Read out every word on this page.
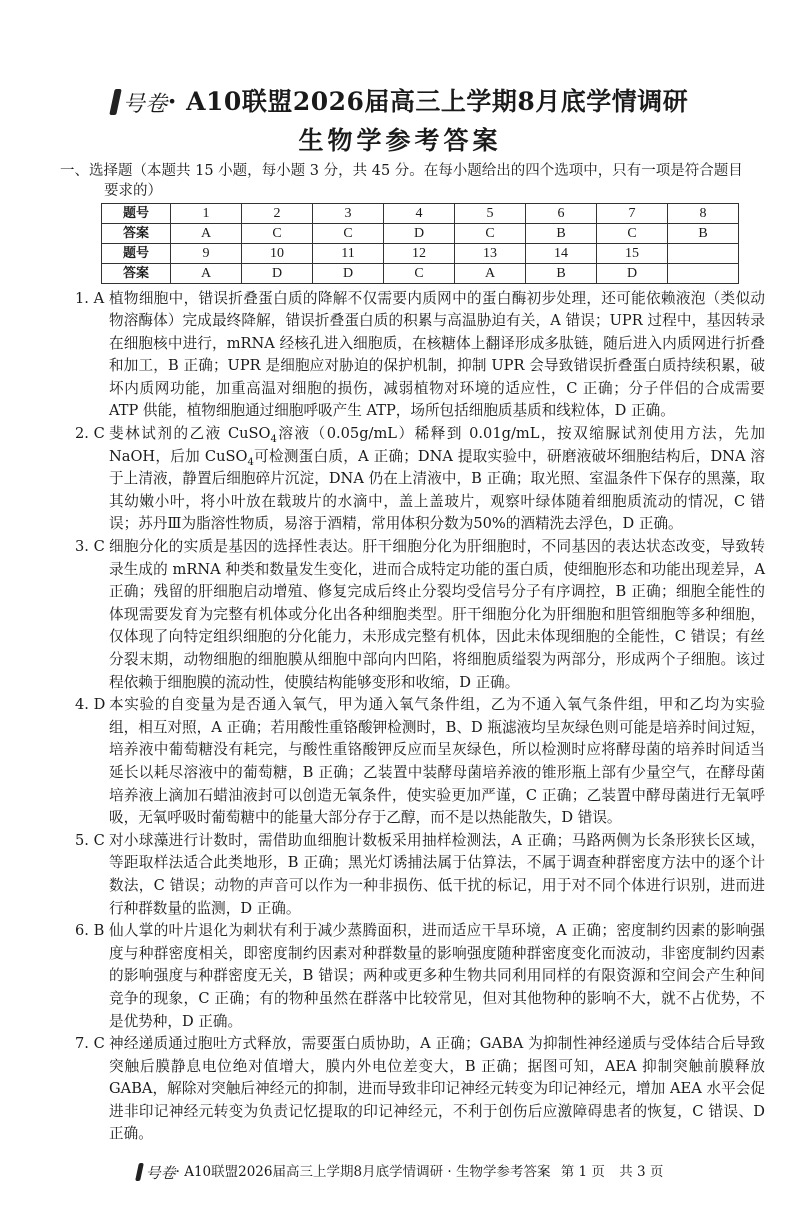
号卷· A10联盟2026届高三上学期8月底学情调研
生物学参考答案
一、选择题（本题共 15 小题，每小题 3 分，共 45 分。在每小题给出的四个选项中，只有一项是符合题目
要求的）
题号	1	2	3	4	5	6	7	8
答案	A	C	C	D	C	B	C	B
题号	9	10	11	12	13	14	15	
答案	A	D	D	C	A	B	D	
1. A 植物细胞中，错误折叠蛋白质的降解不仅需要内质网中的蛋白酶初步处理，还可能依赖液泡（类似动物溶酶体）完成最终降解，错误折叠蛋白质的积累与高温胁迫有关，A 错误；UPR 过程中，基因转录在细胞核中进行，mRNA 经核孔进入细胞质，在核糖体上翻译形成多肽链，随后进入内质网进行折叠和加工，B 正确；UPR 是细胞应对胁迫的保护机制，抑制 UPR 会导致错误折叠蛋白质持续积累，破坏内质网功能，加重高温对细胞的损伤，减弱植物对环境的适应性，C 正确；分子伴侣的合成需要 ATP 供能，植物细胞通过细胞呼吸产生 ATP，场所包括细胞质基质和线粒体，D 正确。
2. C 斐林试剂的乙液 CuSO$_4$溶液（0.05g/mL）稀释到 0.01g/mL，按双缩脲试剂使用方法，先加 NaOH，后加 CuSO$_4$可检测蛋白质，A 正确；DNA 提取实验中，研磨液破坏细胞结构后，DNA 溶于上清液，静置后细胞碎片沉淀，DNA 仍在上清液中，B 正确；取光照、室温条件下保存的黑藻，取其幼嫩小叶，将小叶放在载玻片的水滴中，盖上盖玻片，观察叶绿体随着细胞质流动的情况，C 错误；苏丹Ⅲ为脂溶性物质，易溶于酒精，常用体积分数为50%的酒精洗去浮色，D 正确。
3. C 细胞分化的实质是基因的选择性表达。肝干细胞分化为肝细胞时，不同基因的表达状态改变，导致转录生成的 mRNA 种类和数量发生变化，进而合成特定功能的蛋白质，使细胞形态和功能出现差异，A 正确；残留的肝细胞启动增殖、修复完成后终止分裂均受信号分子有序调控，B 正确；细胞全能性的体现需要发育为完整有机体或分化出各种细胞类型。肝干细胞分化为肝细胞和胆管细胞等多种细胞，仅体现了向特定组织细胞的分化能力，未形成完整有机体，因此未体现细胞的全能性，C 错误；有丝分裂末期，动物细胞的细胞膜从细胞中部向内凹陷，将细胞质缢裂为两部分，形成两个子细胞。该过程依赖于细胞膜的流动性，使膜结构能够变形和收缩，D 正确。
4. D 本实验的自变量为是否通入氧气，甲为通入氧气条件组，乙为不通入氧气条件组，甲和乙均为实验组，相互对照，A 正确；若用酸性重铬酸钾检测时，B、D 瓶滤液均呈灰绿色则可能是培养时间过短，培养液中葡萄糖没有耗完，与酸性重铬酸钾反应而呈灰绿色，所以检测时应将酵母菌的培养时间适当延长以耗尽溶液中的葡萄糖，B 正确；乙装置中装酵母菌培养液的锥形瓶上部有少量空气，在酵母菌培养液上滴加石蜡油液封可以创造无氧条件，使实验更加严谨，C 正确；乙装置中酵母菌进行无氧呼吸，无氧呼吸时葡萄糖中的能量大部分存于乙醇，而不是以热能散失，D 错误。
5. C 对小球藻进行计数时，需借助血细胞计数板采用抽样检测法，A 正确；马路两侧为长条形狭长区域，等距取样法适合此类地形，B 正确；黑光灯诱捕法属于估算法，不属于调查种群密度方法中的逐个计数法，C 错误；动物的声音可以作为一种非损伤、低干扰的标记，用于对不同个体进行识别，进而进行种群数量的监测，D 正确。
6. B 仙人掌的叶片退化为刺状有利于减少蒸腾面积，进而适应干旱环境，A 正确；密度制约因素的影响强度与种群密度相关，即密度制约因素对种群数量的影响强度随种群密度变化而波动，非密度制约因素的影响强度与种群密度无关，B 错误；两种或更多种生物共同利用同样的有限资源和空间会产生种间竞争的现象，C 正确；有的物种虽然在群落中比较常见，但对其他物种的影响不大，就不占优势，不是优势种，D 正确。
7. C 神经递质通过胞吐方式释放，需要蛋白质协助，A 正确；GABA 为抑制性神经递质与受体结合后导致突触后膜静息电位绝对值增大，膜内外电位差变大，B 正确；据图可知，AEA 抑制突触前膜释放 GABA，解除对突触后神经元的抑制，进而导致非印记神经元转变为印记神经元，增加 AEA 水平会促进非印记神经元转变为负责记忆提取的印记神经元，不利于创伤后应激障碍患者的恢复，C 错误、D 正确。
号卷· A10联盟2026届高三上学期8月底学情调研 · 生物学参考答案 第 1 页 共 3 页
